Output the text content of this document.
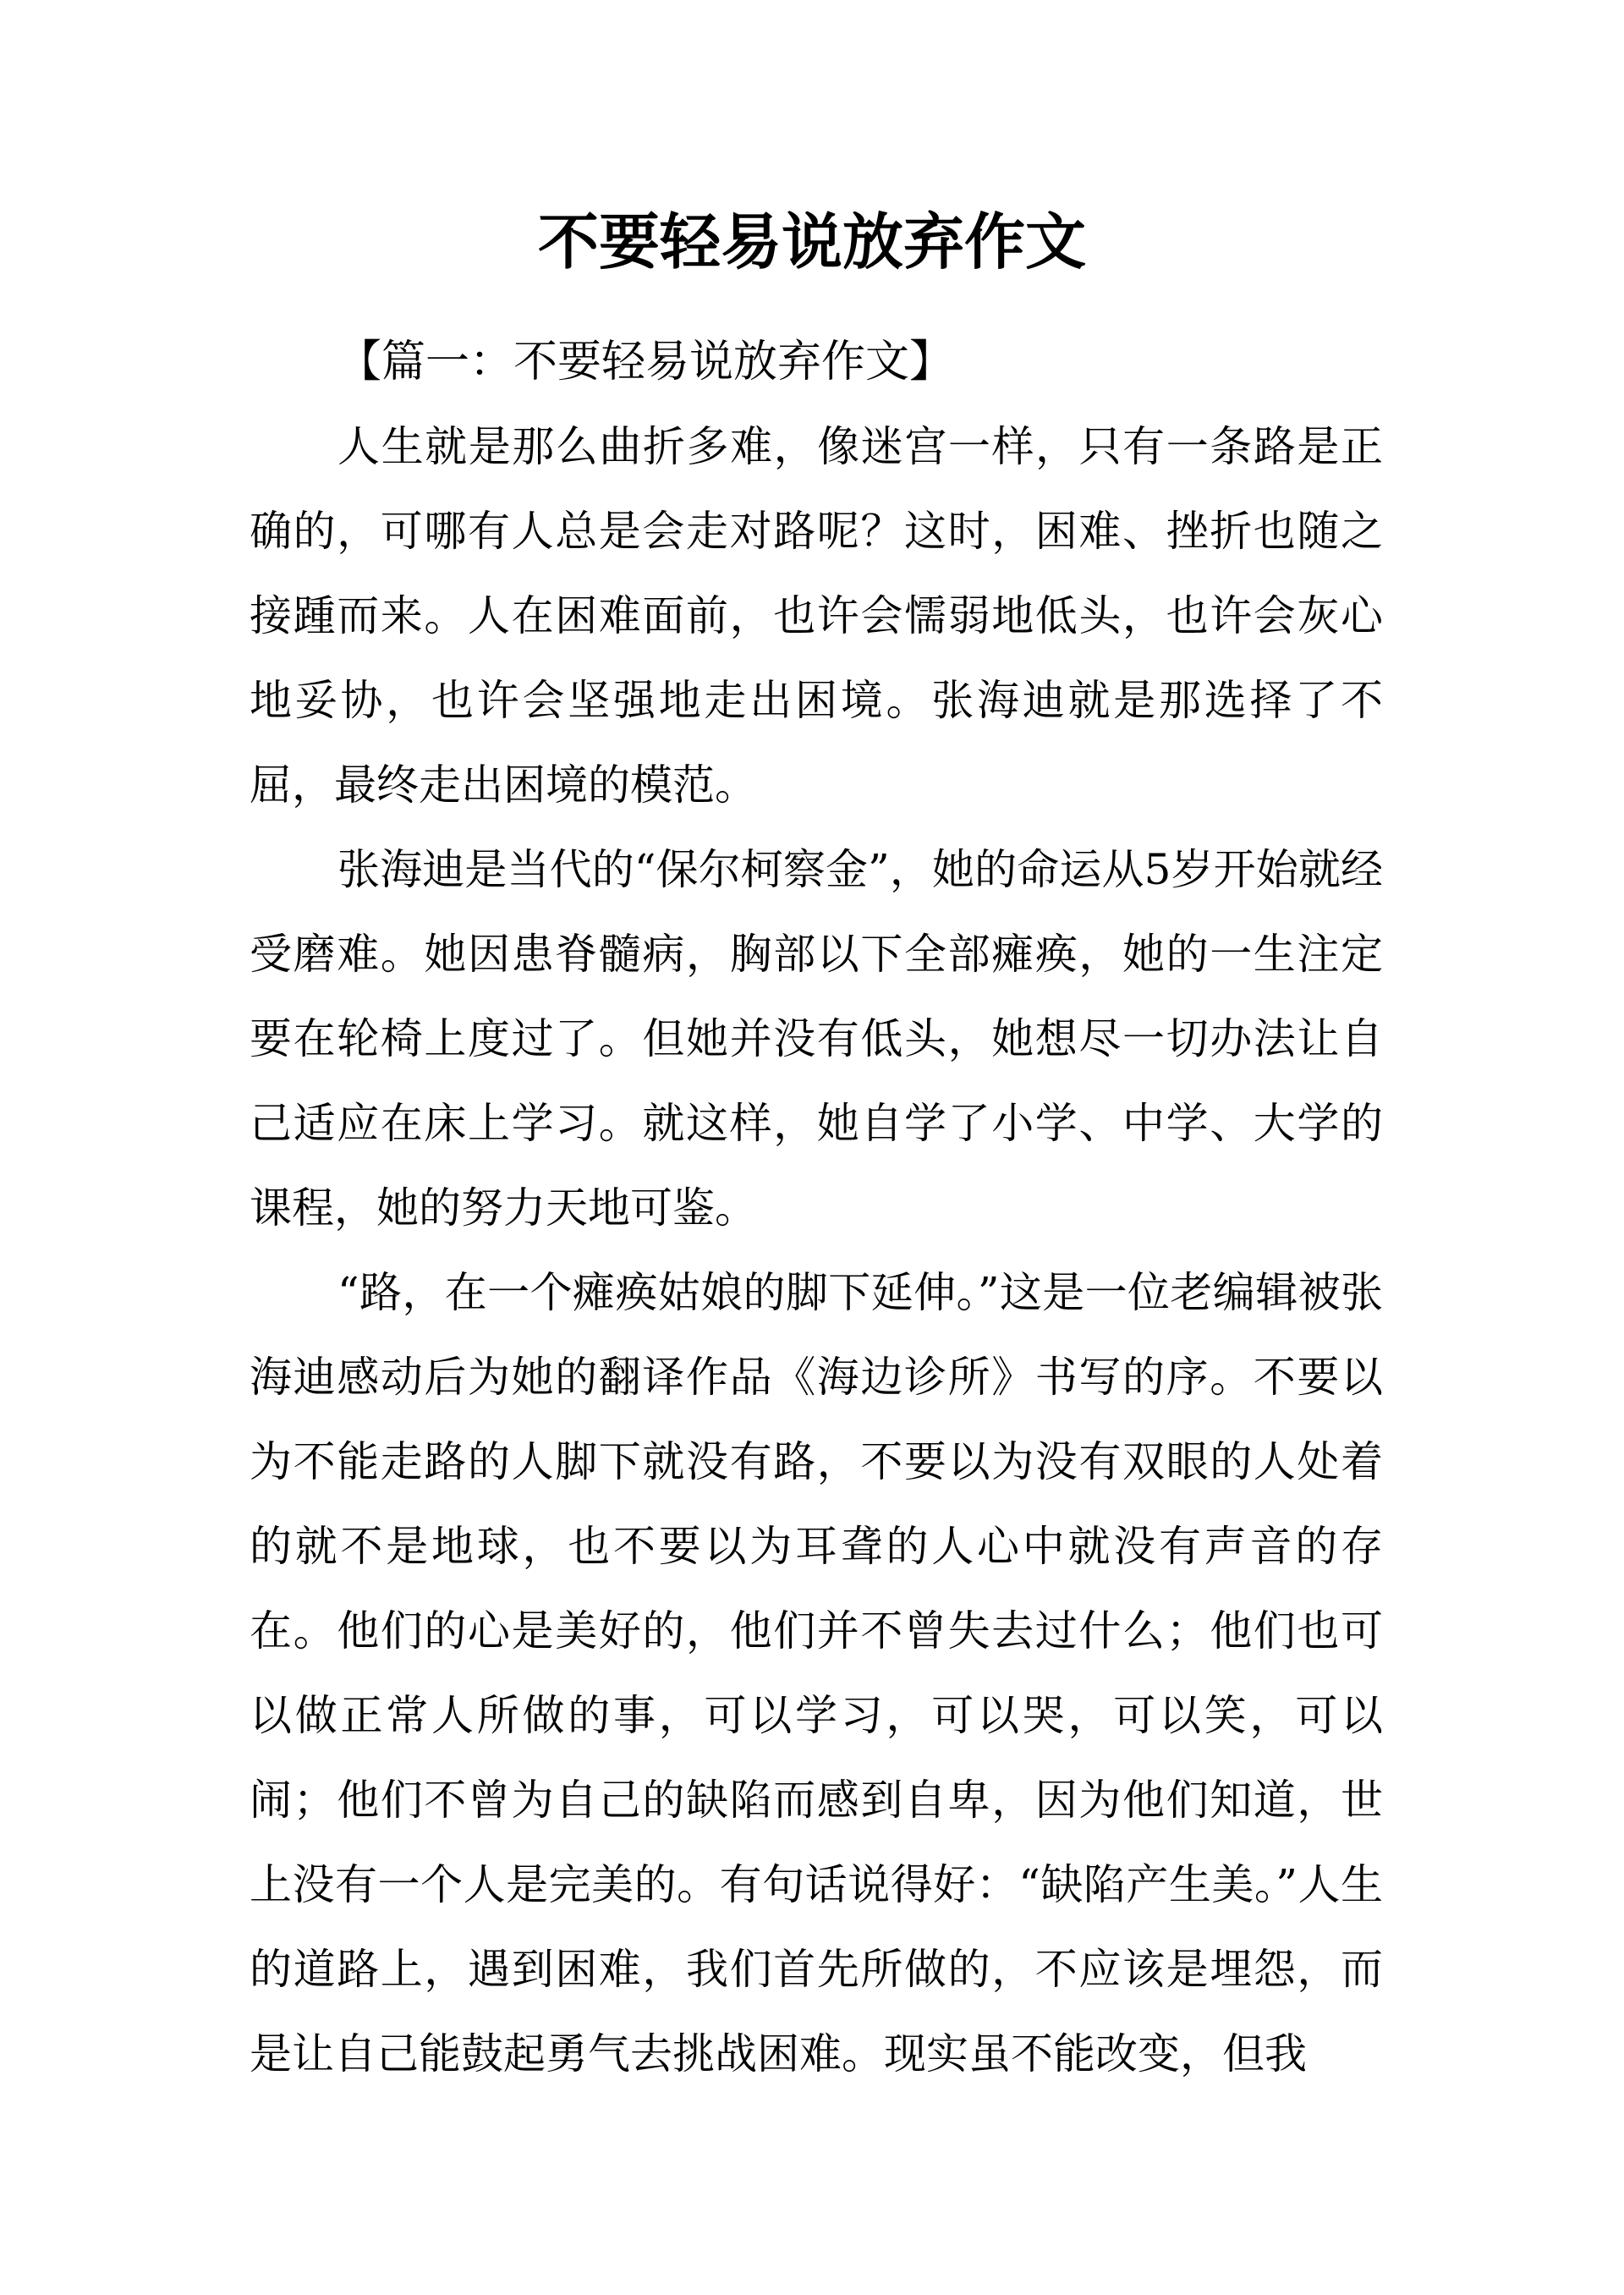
不要轻易说放弃作文

【篇一：不要轻易说放弃作文】

人生就是那么曲折多难，像迷宫一样，只有一条路是正确的，可哪有人总是会走对路呢？这时，困难、挫折也随之接踵而来。人在困难面前，也许会懦弱地低头，也许会灰心地妥协，也许会坚强地走出困境。张海迪就是那选择了不屈，最终走出困境的模范。

张海迪是当代的“保尔柯察金”，她的命运从5岁开始就经受磨难。她因患脊髓病，胸部以下全部瘫痪，她的一生注定要在轮椅上度过了。但她并没有低头，她想尽一切办法让自己适应在床上学习。就这样，她自学了小学、中学、大学的课程，她的努力天地可鉴。

“路，在一个瘫痪姑娘的脚下延伸。”这是一位老编辑被张海迪感动后为她的翻译作品《海边诊所》书写的序。不要以为不能走路的人脚下就没有路，不要以为没有双眼的人处着的就不是地球，也不要以为耳聋的人心中就没有声音的存在。他们的心是美好的，他们并不曾失去过什么；他们也可以做正常人所做的事，可以学习，可以哭，可以笑，可以闹；他们不曾为自己的缺陷而感到自卑，因为他们知道，世上没有一个人是完美的。有句话说得好：“缺陷产生美。”人生的道路上，遇到困难，我们首先所做的，不应该是埋怨，而是让自己能鼓起勇气去挑战困难。现实虽不能改变，但我
